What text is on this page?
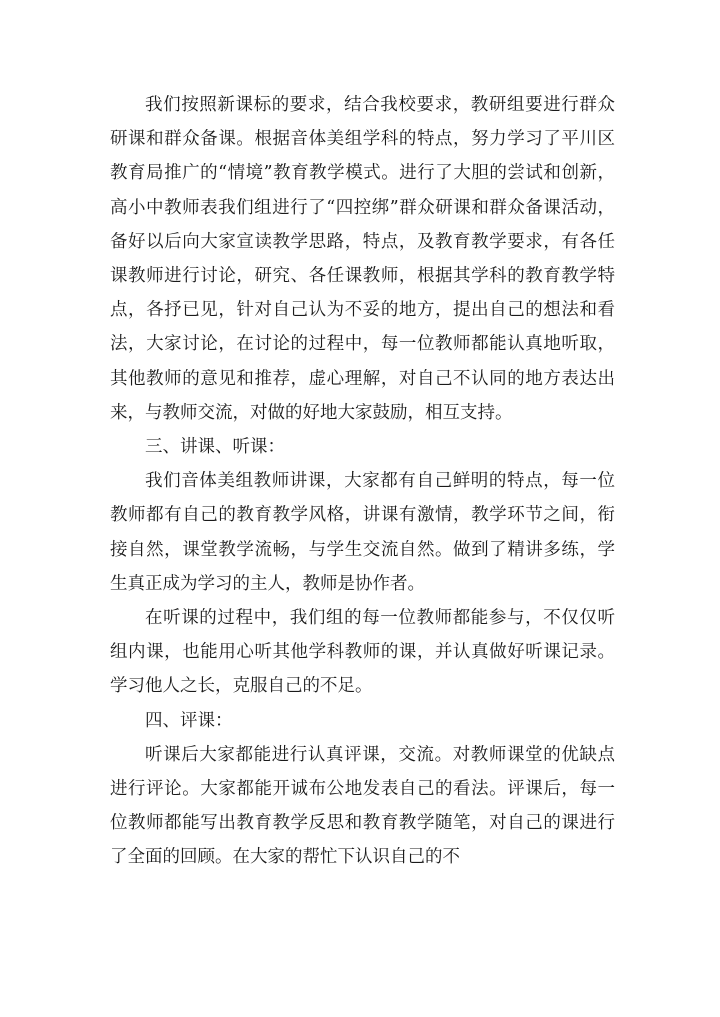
我们按照新课标的要求，结合我校要求，教研组要进行群众研课和群众备课。根据音体美组学科的特点，努力学习了平川区教育局推广的“情境”教育教学模式。进行了大胆的尝试和创新，高小中教师表我们组进行了“四控绑”群众研课和群众备课活动，备好以后向大家宣读教学思路，特点，及教育教学要求，有各任课教师进行讨论，研究、各任课教师，根据其学科的教育教学特点，各抒已见，针对自己认为不妥的地方，提出自己的想法和看法，大家讨论，在讨论的过程中，每一位教师都能认真地听取，其他教师的意见和推荐，虚心理解，对自己不认同的地方表达出来，与教师交流，对做的好地大家鼓励，相互支持。

三、讲课、听课：

我们音体美组教师讲课，大家都有自己鲜明的特点，每一位教师都有自己的教育教学风格，讲课有激情，教学环节之间，衔接自然，课堂教学流畅，与学生交流自然。做到了精讲多练，学生真正成为学习的主人，教师是协作者。

在听课的过程中，我们组的每一位教师都能参与，不仅仅听组内课，也能用心听其他学科教师的课，并认真做好听课记录。学习他人之长，克服自己的不足。

四、评课：

听课后大家都能进行认真评课，交流。对教师课堂的优缺点进行评论。大家都能开诚布公地发表自己的看法。评课后，每一位教师都能写出教育教学反思和教育教学随笔，对自己的课进行了全面的回顾。在大家的帮忙下认识自己的不
